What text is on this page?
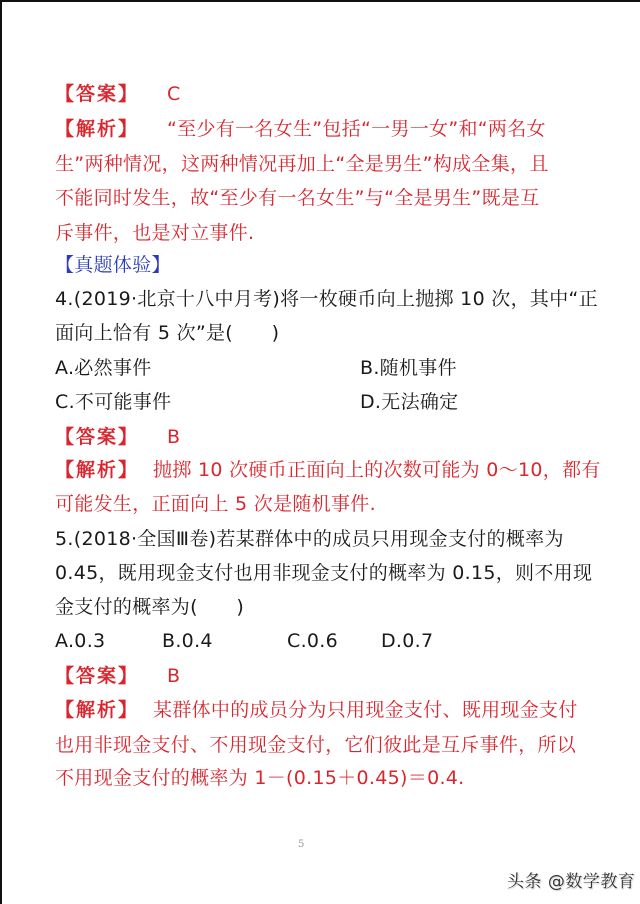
【答案】 C
【解析】 “至少有一名女生”包括“一男一女”和“两名女
生”两种情况，这两种情况再加上“全是男生”构成全集，且
不能同时发生，故“至少有一名女生”与“全是男生”既是互
斥事件，也是对立事件.
【真题体验】
4.(2019·北京十八中月考)将一枚硬币向上抛掷 10 次，其中“正
面向上恰有 5 次”是(　　)
A.必然事件	B.随机事件
C.不可能事件	D.无法确定
【答案】 B
【解析】 抛掷 10 次硬币正面向上的次数可能为 0～10，都有
可能发生，正面向上 5 次是随机事件.
5.(2018·全国Ⅲ卷)若某群体中的成员只用现金支付的概率为
0.45，既用现金支付也用非现金支付的概率为 0.15，则不用现
金支付的概率为(　　)
A.0.3	B.0.4	C.0.6 D.0.7
【答案】 B
【解析】 某群体中的成员分为只用现金支付、既用现金支付
也用非现金支付、不用现金支付，它们彼此是互斥事件，所以
不用现金支付的概率为 1－(0.15＋0.45)＝0.4.
5
头条 @数学教育
